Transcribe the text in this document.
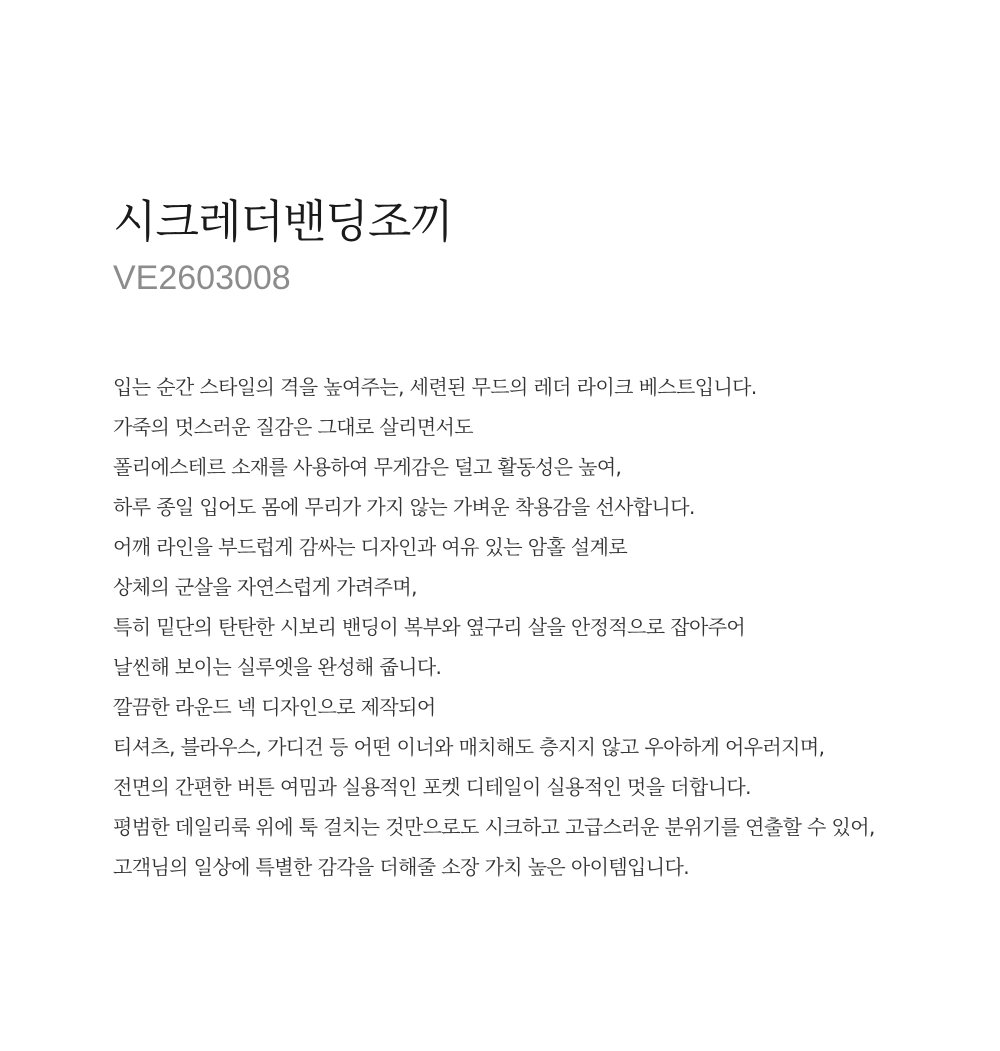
시크레더밴딩조끼
VE2603008
입는 순간 스타일의 격을 높여주는, 세련된 무드의 레더 라이크 베스트입니다.
가죽의 멋스러운 질감은 그대로 살리면서도
폴리에스테르 소재를 사용하여 무게감은 덜고 활동성은 높여,
하루 종일 입어도 몸에 무리가 가지 않는 가벼운 착용감을 선사합니다.
어깨 라인을 부드럽게 감싸는 디자인과 여유 있는 암홀 설계로
상체의 군살을 자연스럽게 가려주며,
특히 밑단의 탄탄한 시보리 밴딩이 복부와 옆구리 살을 안정적으로 잡아주어
날씬해 보이는 실루엣을 완성해 줍니다.
깔끔한 라운드 넥 디자인으로 제작되어
티셔츠, 블라우스, 가디건 등 어떤 이너와 매치해도 층지지 않고 우아하게 어우러지며,
전면의 간편한 버튼 여밈과 실용적인 포켓 디테일이 실용적인 멋을 더합니다.
평범한 데일리룩 위에 툭 걸치는 것만으로도 시크하고 고급스러운 분위기를 연출할 수 있어,
고객님의 일상에 특별한 감각을 더해줄 소장 가치 높은 아이템입니다.
